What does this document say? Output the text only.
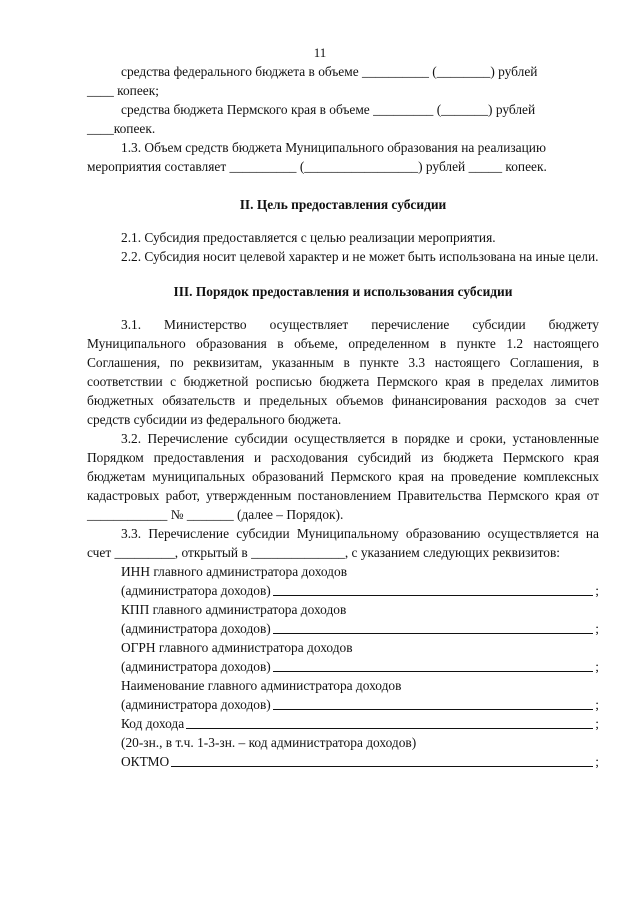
11

средства федерального бюджета в объеме __________ (________) рублей

____ копеек;

средства бюджета Пермского края в объеме _________ (_______) рублей

____копеек.

1.3. Объем средств бюджета Муниципального образования на реализацию

мероприятия составляет __________ (_________________) рублей _____ копеек.

II. Цель предоставления субсидии

2.1. Субсидия предоставляется с целью реализации мероприятия.

2.2. Субсидия носит целевой характер и не может быть использована на иные цели.

III. Порядок предоставления и использования субсидии

3.1. Министерство осуществляет перечисление субсидии бюджету Муниципального образования в объеме, определенном в пункте 1.2 настоящего Соглашения, по реквизитам, указанным в пункте 3.3 настоящего Соглашения, в соответствии с бюджетной росписью бюджета Пермского края в пределах лимитов бюджетных обязательств и предельных объемов финансирования расходов за счет средств субсидии из федерального бюджета.

3.2. Перечисление субсидии осуществляется в порядке и сроки, установленные Порядком предоставления и расходования субсидий из бюджета Пермского края бюджетам муниципальных образований Пермского края на проведение комплексных кадастровых работ, утвержденным постановлением Правительства Пермского края от ____________ № _______ (далее – Порядок).

3.3. Перечисление субсидии Муниципальному образованию осуществляется на счет _________, открытый в ______________, с указанием следующих реквизитов:

ИНН главного администратора доходов

(администратора доходов)	;

КПП главного администратора доходов

(администратора доходов)	;

ОГРН главного администратора доходов

(администратора доходов)	;

Наименование главного администратора доходов

(администратора доходов)	;
Код дохода	;

(20-зн., в т.ч. 1-3-зн. – код администратора доходов)

ОКТМО	;
